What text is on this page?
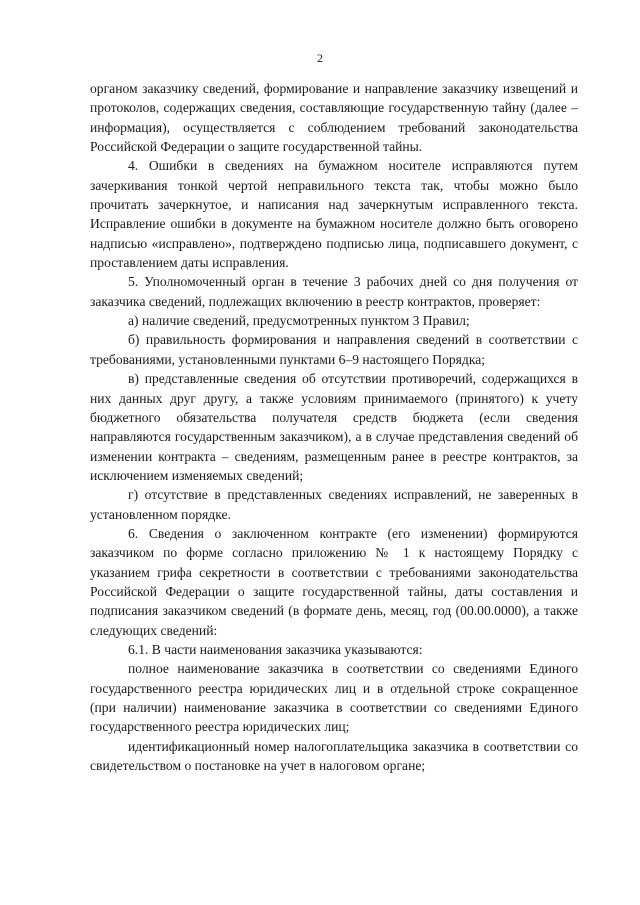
2

органом заказчику сведений, формирование и направление заказчику извещений и протоколов, содержащих сведения, составляющие государственную тайну (далее – информация), осуществляется с соблюдением требований законодательства Российской Федерации о защите государственной тайны.

4. Ошибки в сведениях на бумажном носителе исправляются путем зачеркивания тонкой чертой неправильного текста так, чтобы можно было прочитать зачеркнутое, и написания над зачеркнутым исправленного текста. Исправление ошибки в документе на бумажном носителе должно быть оговорено надписью «исправлено», подтверждено подписью лица, подписавшего документ, с проставлением даты исправления.

5. Уполномоченный орган в течение 3 рабочих дней со дня получения от заказчика сведений, подлежащих включению в реестр контрактов, проверяет:

а) наличие сведений, предусмотренных пунктом 3 Правил;

б) правильность формирования и направления сведений в соответствии с требованиями, установленными пунктами 6–9 настоящего Порядка;

в) представленные сведения об отсутствии противоречий, содержащихся в них данных друг другу, а также условиям принимаемого (принятого) к учету бюджетного обязательства получателя средств бюджета (если сведения направляются государственным заказчиком), а в случае представления сведений об изменении контракта – сведениям, размещенным ранее в реестре контрактов, за исключением изменяемых сведений;

г) отсутствие в представленных сведениях исправлений, не заверенных в установленном порядке.

6. Сведения о заключенном контракте (его изменении) формируются заказчиком по форме согласно приложению № 1 к настоящему Порядку с указанием грифа секретности в соответствии с требованиями законодательства Российской Федерации о защите государственной тайны, даты составления и подписания заказчиком сведений (в формате день, месяц, год (00.00.0000), а также следующих сведений:

6.1. В части наименования заказчика указываются:

полное наименование заказчика в соответствии со сведениями Единого государственного реестра юридических лиц и в отдельной строке сокращенное (при наличии) наименование заказчика в соответствии со сведениями Единого государственного реестра юридических лиц;

идентификационный номер налогоплательщика заказчика в соответствии со свидетельством о постановке на учет в налоговом органе;
